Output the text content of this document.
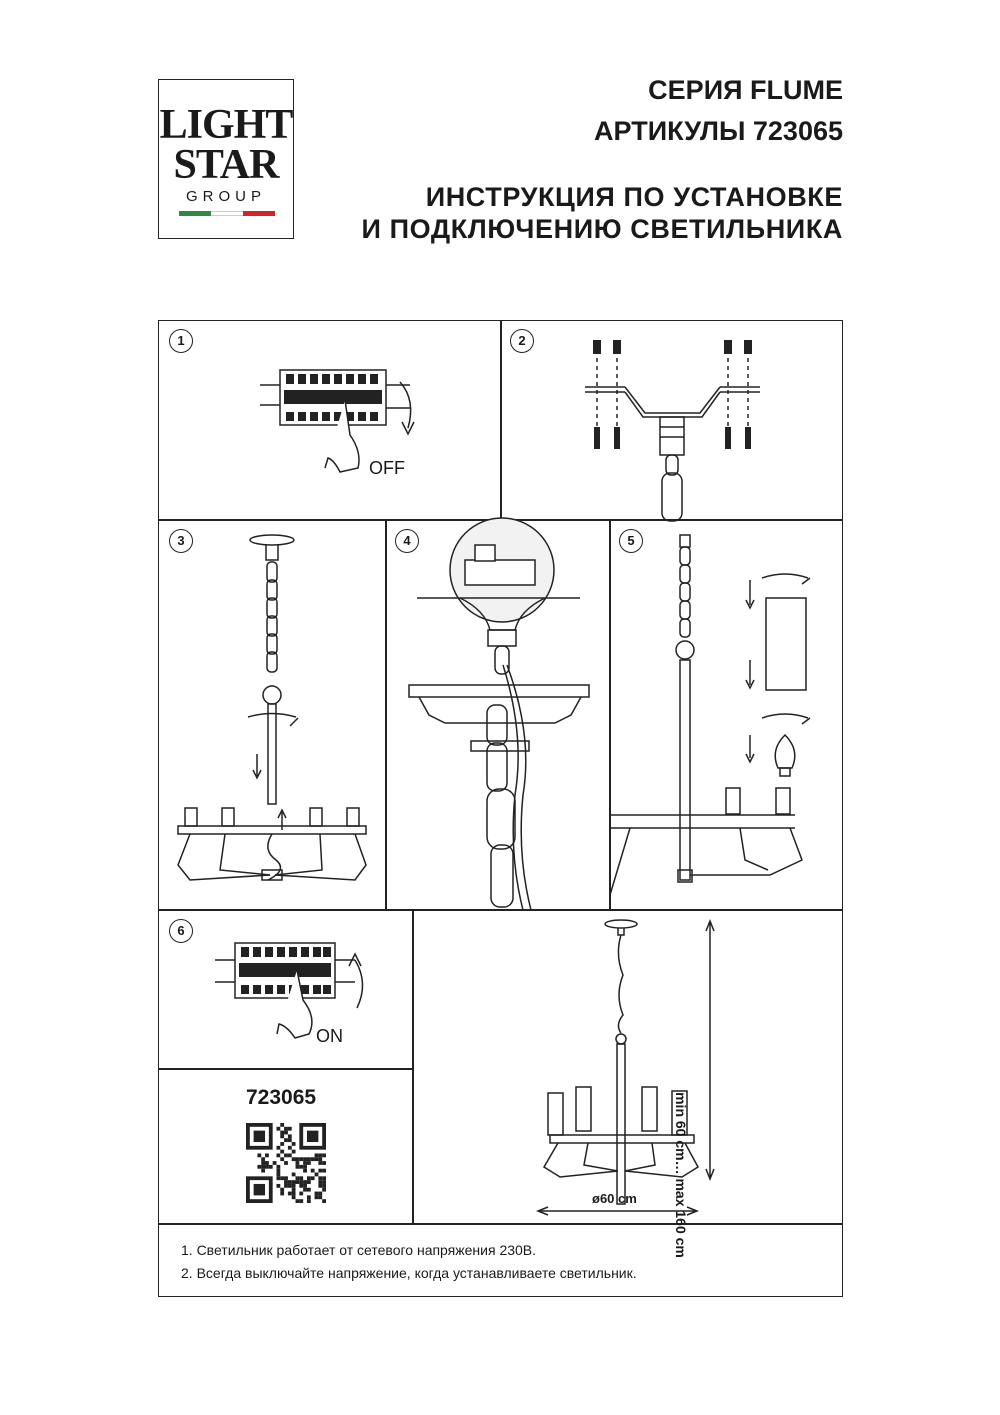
LIGHT
STAR
GROUP
СЕРИЯ FLUME
АРТИКУЛЫ 723065
ИНСТРУКЦИЯ ПО УСТАНОВКЕ
И ПОДКЛЮЧЕНИЮ СВЕТИЛЬНИКА
1	2
3	4	5
6
OFF
ON
723065	min 60 cm… max 160 cm
ø60 cm
1. Светильник работает от сетевого напряжения 230В.
2. Всегда выключайте напряжение, когда устанавливаете светильник.
